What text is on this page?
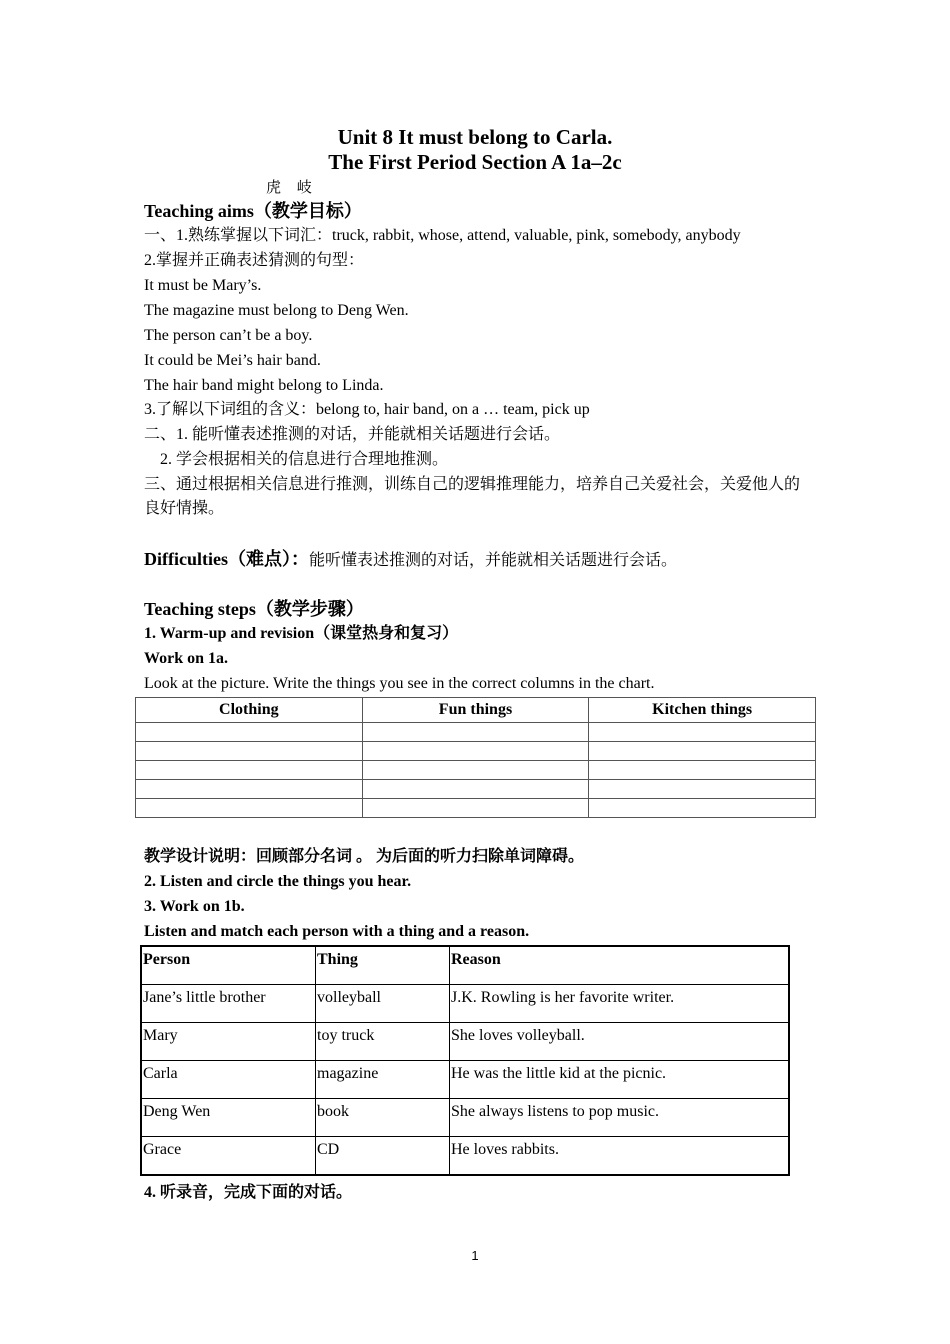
Unit 8 It must belong to Carla.
The First Period Section A 1a–2c
虎 岐
Teaching aims（教学目标）
一、1.熟练掌握以下词汇：truck, rabbit, whose, attend, valuable, pink, somebody, anybody
2.掌握并正确表述猜测的句型：
It must be Mary’s.
The magazine must belong to Deng Wen.
The person can’t be a boy.
It could be Mei’s hair band.
The hair band might belong to Linda.
3.了解以下词组的含义：belong to, hair band, on a … team, pick up
二、1. 能听懂表述推测的对话，并能就相关话题进行会话。
2. 学会根据相关的信息进行合理地推测。
三、通过根据相关信息进行推测，训练自己的逻辑推理能力，培养自己关爱社会，关爱他人的
良好情操。
Difficulties（难点）：能听懂表述推测的对话，并能就相关话题进行会话。
Teaching steps（教学步骤）
1. Warm-up and revision（课堂热身和复习）
Work on 1a.
Look at the picture. Write the things you see in the correct columns in the chart.
Clothing	Fun things	Kitchen things

教学设计说明：回顾部分名词 。 为后面的听力扫除单词障碍。
2. Listen and circle the things you hear.
3. Work on 1b.
Listen and match each person with a thing and a reason.
Person	Thing	Reason
Jane’s little brother	volleyball	J.K. Rowling is her favorite writer.
Mary	toy truck	She loves volleyball.
Carla	magazine	He was the little kid at the picnic.
Deng Wen	book	She always listens to pop music.
Grace	CD	He loves rabbits.
4. 听录音，完成下面的对话。
1
